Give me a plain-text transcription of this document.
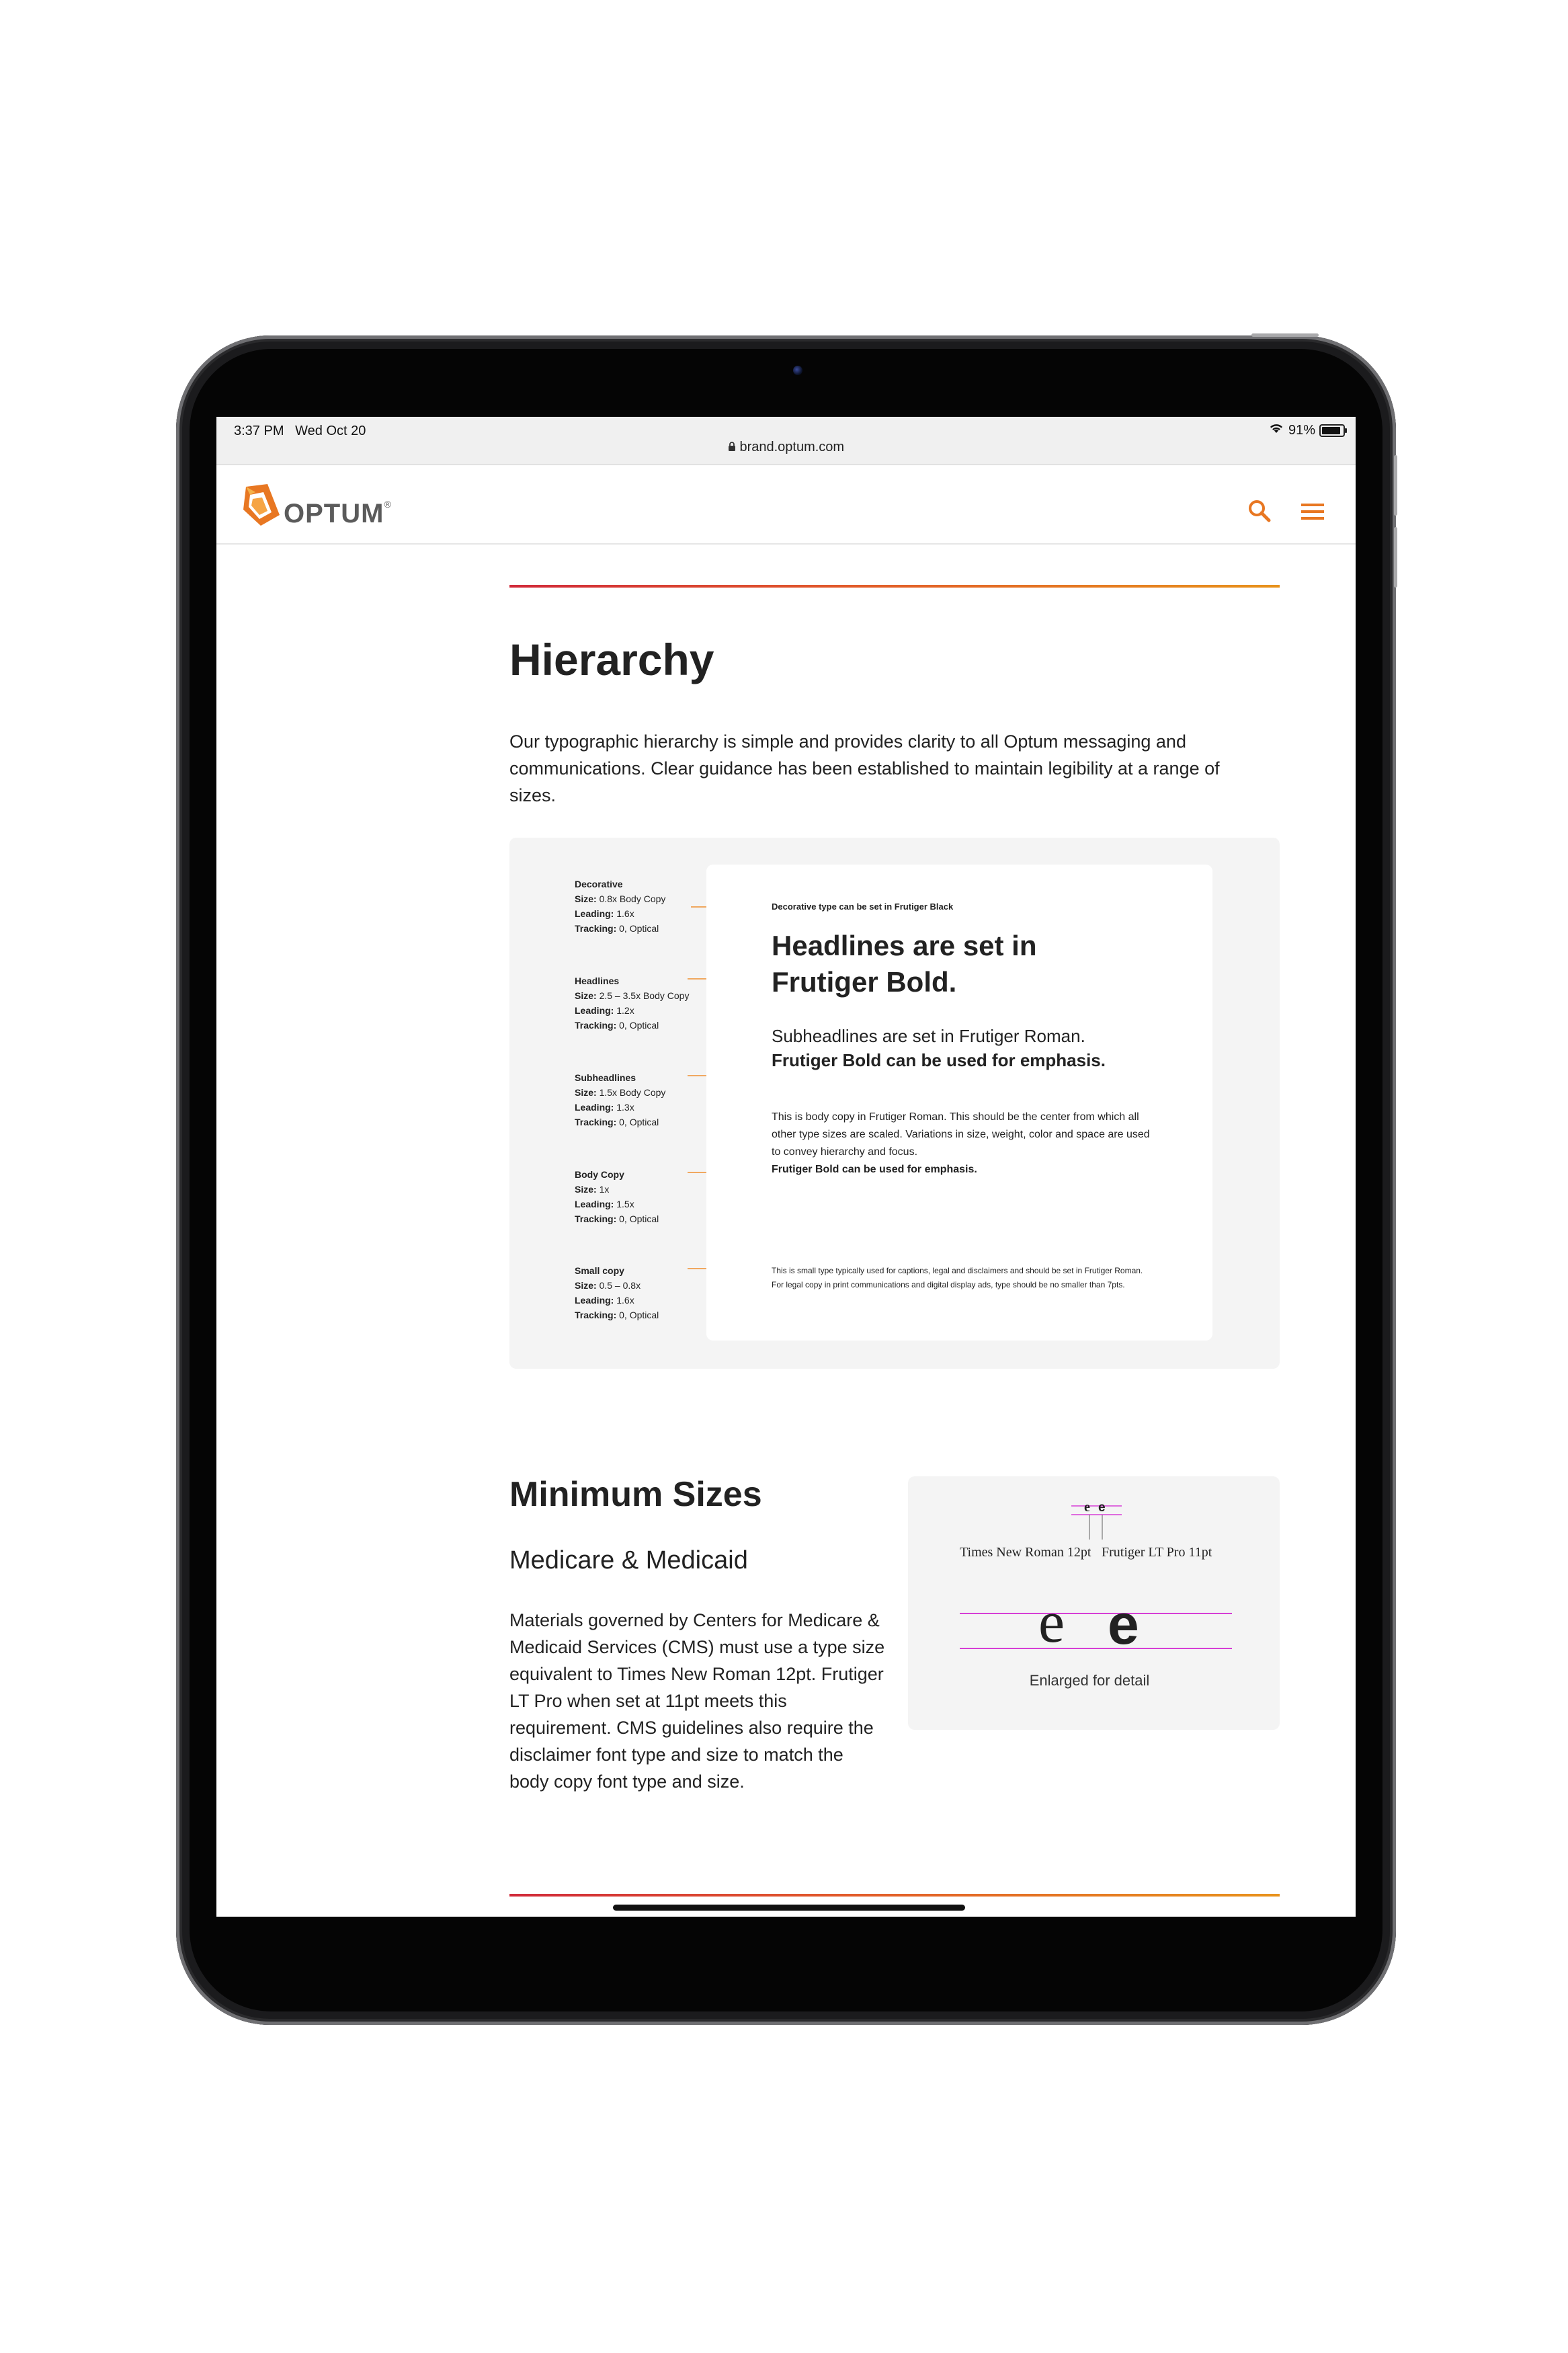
3:37 PM Wed Oct 20
brand.optum.com
91%
OPTUM®
Hierarchy

Our typographic hierarchy is simple and provides clarity to all Optum messaging and communications. Clear guidance has been established to maintain legibility at a range of sizes.

Decorative
Size: 0.8x Body Copy
Leading: 1.6x
Tracking: 0, Optical
Headlines
Size: 2.5 – 3.5x Body Copy
Leading: 1.2x
Tracking: 0, Optical
Subheadlines
Size: 1.5x Body Copy
Leading: 1.3x
Tracking: 0, Optical
Body Copy
Size: 1x
Leading: 1.5x
Tracking: 0, Optical
Small copy
Size: 0.5 – 0.8x
Leading: 1.6x
Tracking: 0, Optical

Decorative type can be set in Frutiger Black

Headlines are set in Frutiger Bold.

Subheadlines are set in Frutiger Roman.
Frutiger Bold can be used for emphasis.

This is body copy in Frutiger Roman. This should be the center from which all other type sizes are scaled. Variations in size, weight, color and space are used to convey hierarchy and focus.
Frutiger Bold can be used for emphasis.

This is small type typically used for captions, legal and disclaimers and should be set in Frutiger Roman. For legal copy in print communications and digital display ads, type should be no smaller than 7pts.

Minimum Sizes
Medicare & Medicaid

Materials governed by Centers for Medicare & Medicaid Services (CMS) must use a type size equivalent to Times New Roman 12pt. Frutiger LT Pro when set at 11pt meets this requirement. CMS guidelines also require the disclaimer font type and size to match the body copy font type and size.

e e
Times New Roman 12pt Frutiger LT Pro 11pt
e e
Enlarged for detail
